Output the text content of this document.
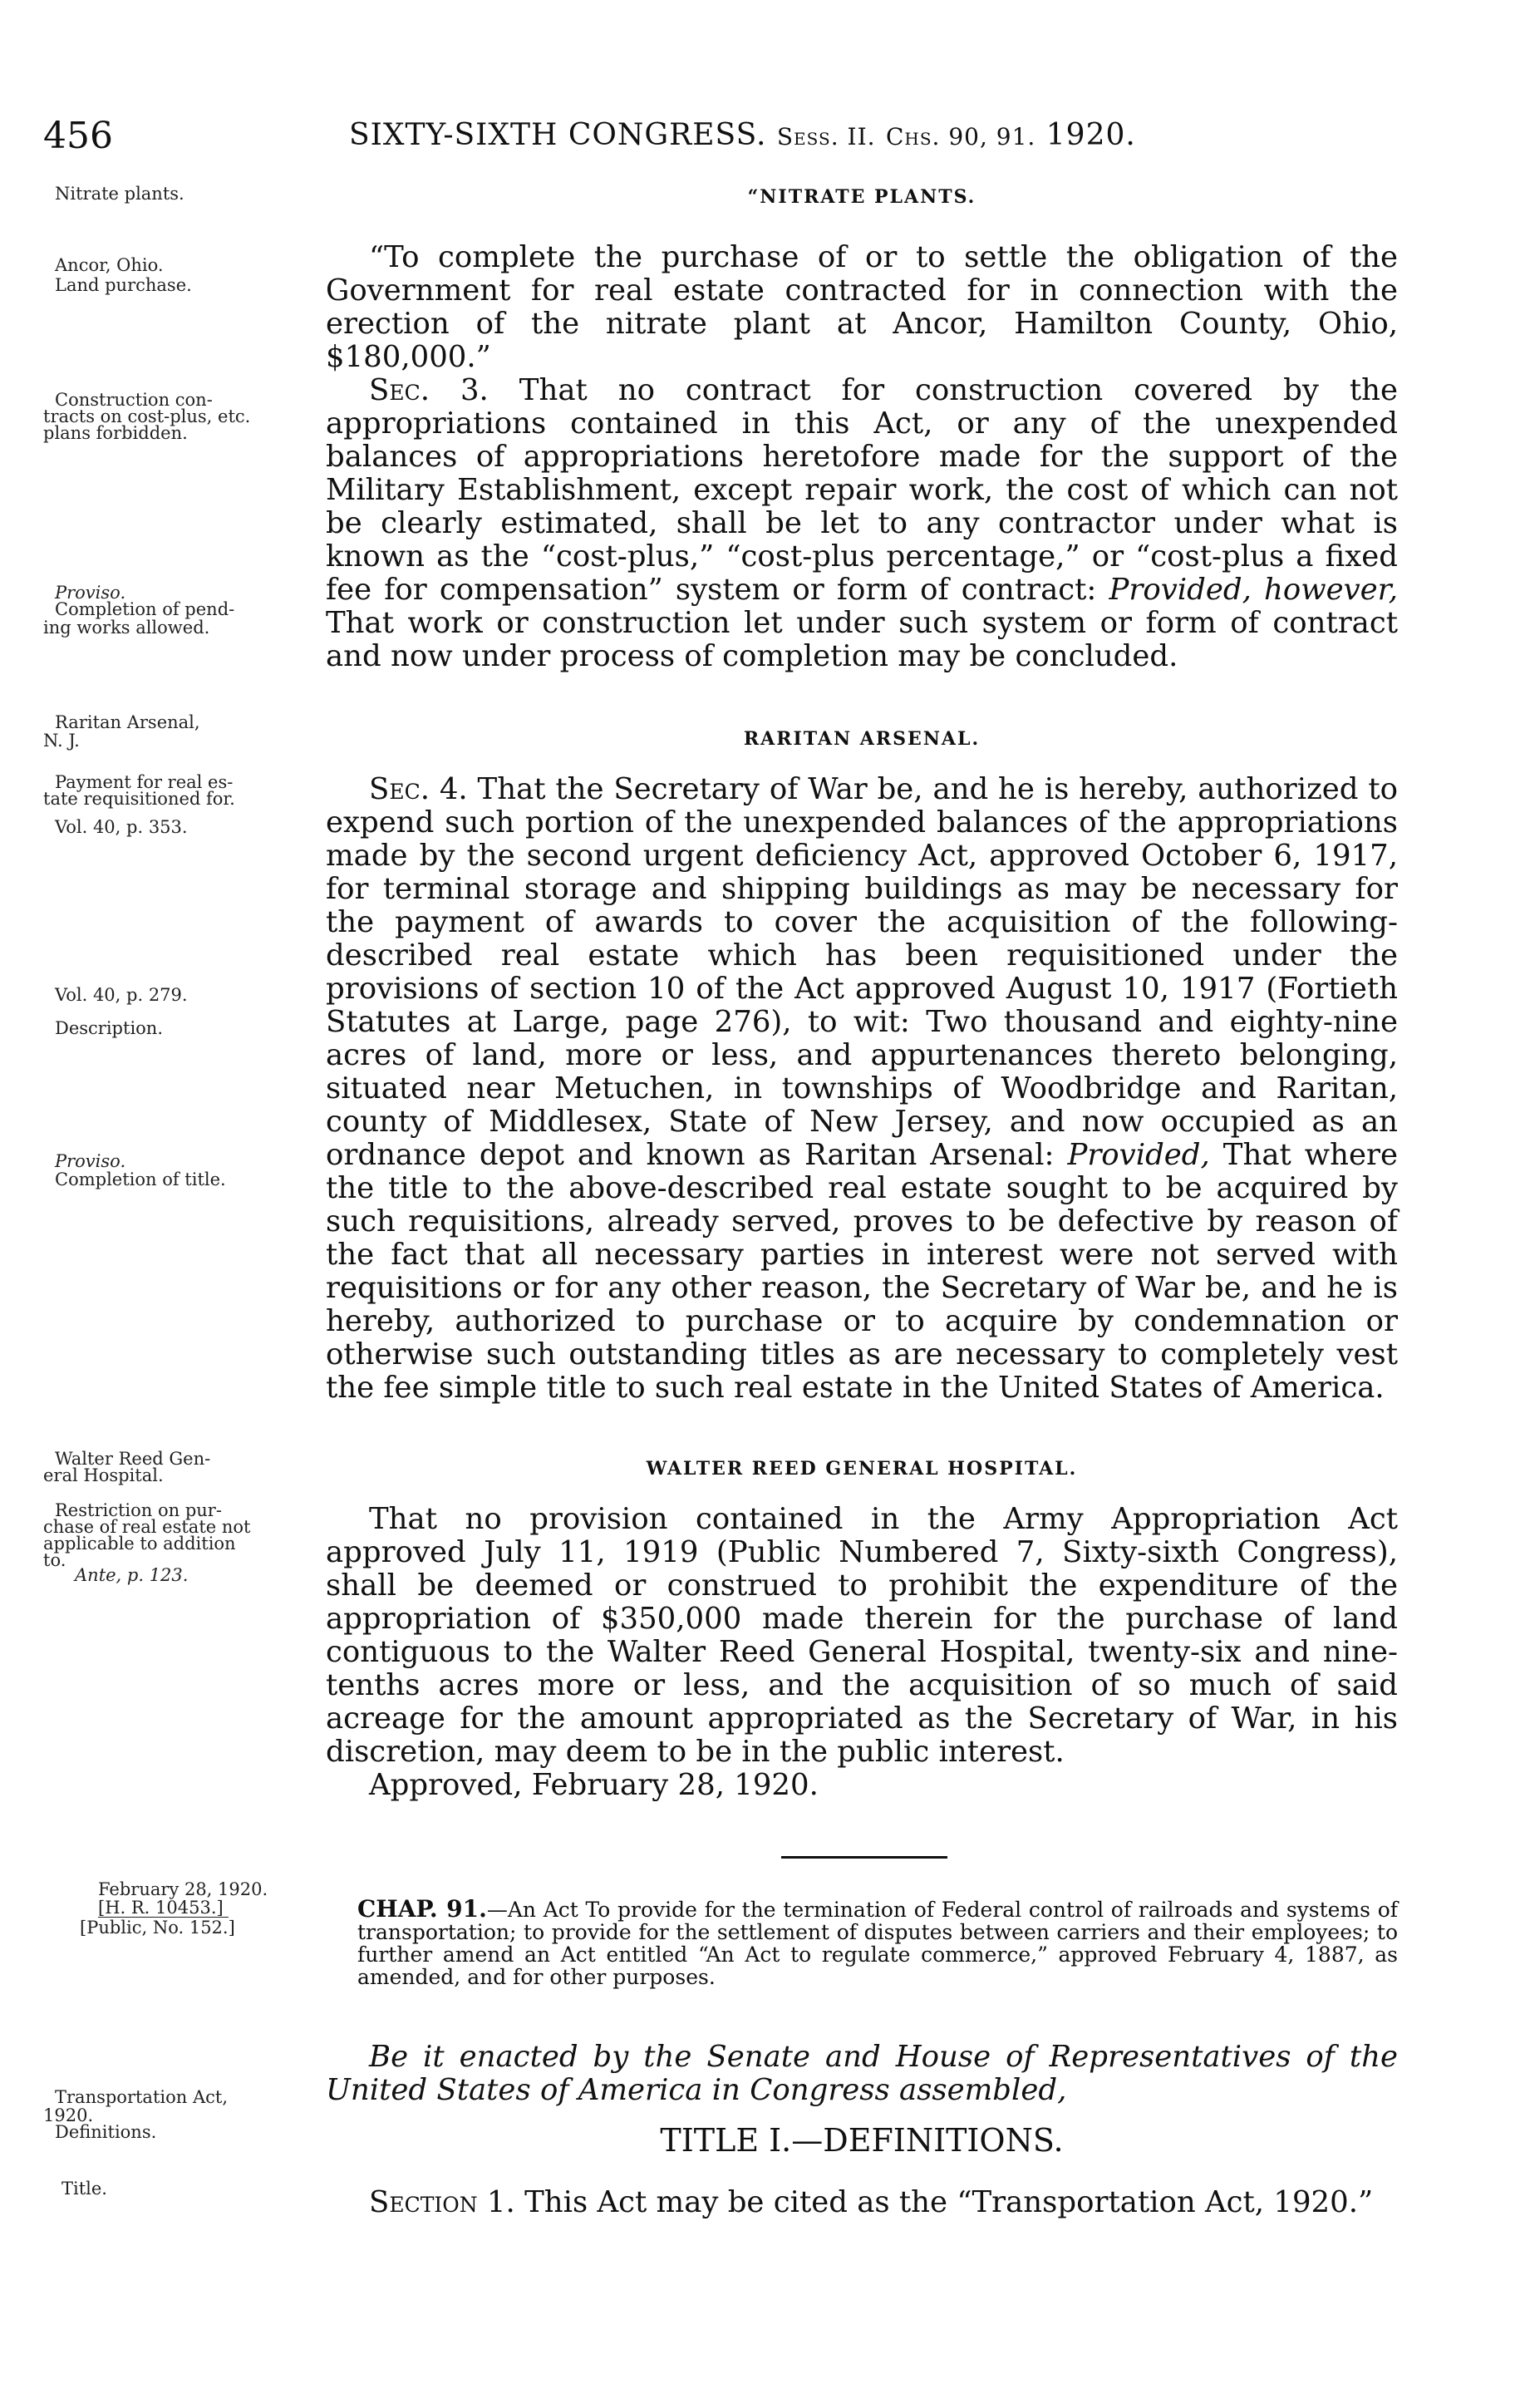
456	SIXTY-SIXTH CONGRESS. Sess. II. Chs. 90, 91. 1920.
Nitrate plants.
Ancor, Ohio.
Land purchase.
Construction con-
tracts on cost-plus, etc.
plans forbidden.
Proviso.
Completion of pend-
ing works allowed.
Raritan Arsenal,
N. J.
Payment for real es-
tate requisitioned for.
Vol. 40, p. 353.
Vol. 40, p. 279.
Description.
Proviso.
Completion of title.
Walter Reed Gen-
eral Hospital.
Restriction on pur-
chase of real estate not
applicable to addition
to.
Ante, p. 123.
February 28, 1920.
[H. R. 10453.]
[Public, No. 152.]
Transportation Act,
1920.
Definitions.
Title.
“NITRATE PLANTS.

“To complete the purchase of or to settle the obligation of the Government for real estate contracted for in connection with the erection of the nitrate plant at Ancor, Hamilton County, Ohio, $180,000.”

Sec. 3. That no contract for construction covered by the appropriations contained in this Act, or any of the unexpended balances of appropriations heretofore made for the support of the Military Establishment, except repair work, the cost of which can not be clearly estimated, shall be let to any contractor under what is known as the “cost-plus,” “cost-plus percentage,” or “cost-plus a fixed fee for compensation” system or form of contract: Provided, however, That work or construction let under such system or form of contract and now under process of completion may be concluded.

RARITAN ARSENAL.

Sec. 4. That the Secretary of War be, and he is hereby, authorized to expend such portion of the unexpended balances of the appropriations made by the second urgent deficiency Act, approved October 6, 1917, for terminal storage and shipping buildings as may be necessary for the payment of awards to cover the acquisition of the following-described real estate which has been requisitioned under the provisions of section 10 of the Act approved August 10, 1917 (Fortieth Statutes at Large, page 276), to wit: Two thousand and eighty-nine acres of land, more or less, and appurtenances thereto belonging, situated near Metuchen, in townships of Woodbridge and Raritan, county of Middlesex, State of New Jersey, and now occupied as an ordnance depot and known as Raritan Arsenal: Provided, That where the title to the above-described real estate sought to be acquired by such requisitions, already served, proves to be defective by reason of the fact that all necessary parties in interest were not served with requisitions or for any other reason, the Secretary of War be, and he is hereby, authorized to purchase or to acquire by condemnation or otherwise such outstanding titles as are necessary to completely vest the fee simple title to such real estate in the United States of America.

WALTER REED GENERAL HOSPITAL.

That no provision contained in the Army Appropriation Act approved July 11, 1919 (Public Numbered 7, Sixty-sixth Congress), shall be deemed or construed to prohibit the expenditure of the appropriation of $350,000 made therein for the purchase of land contiguous to the Walter Reed General Hospital, twenty-six and nine-tenths acres more or less, and the acquisition of so much of said acreage for the amount appropriated as the Secretary of War, in his discretion, may deem to be in the public interest.

Approved, February 28, 1920.

CHAP. 91.—An Act To provide for the termination of Federal control of railroads and systems of transportation; to provide for the settlement of disputes between carriers and their employees; to further amend an Act entitled “An Act to regulate commerce,” approved February 4, 1887, as amended, and for other purposes.
Be it enacted by the Senate and House of Representatives of the United States of America in Congress assembled,
TITLE I.—DEFINITIONS.
Section 1. This Act may be cited as the “Transportation Act, 1920.”
